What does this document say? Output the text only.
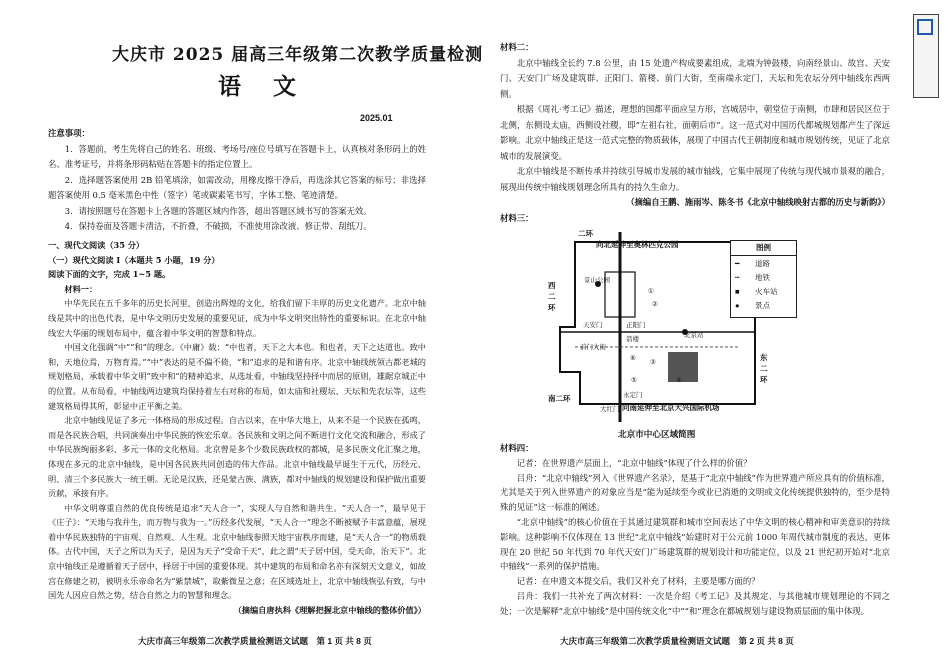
大庆市 2025 届高三年级第二次教学质量检测
语 文
2025.01

注意事项：

1．答题前，考生先将自己的姓名、班级、考场号/座位号填写在答题卡上，认真核对条形码上的姓名、准考证号，并将条形码粘贴在答题卡的指定位置上。

2．选择题答案使用 2B 铅笔填涂，如需改动，用橡皮擦干净后，再选涂其它答案的标号；非选择题答案使用 0.5 毫米黑色中性（签字）笔或碳素笔书写，字体工整、笔迹清楚。

3．请按照题号在答题卡上各题的答题区域内作答，超出答题区域书写的答案无效。

4．保持卷面及答题卡清洁，不折叠，不破损，不准使用涂改液、修正带、刮纸刀。

一、现代文阅读（35 分）

（一）现代文阅读 Ⅰ（本题共 5 小题，19 分）

阅读下面的文字，完成 1~5 题。

材料一：

中华先民在五千多年的历史长河里，创造出辉煌的文化，给我们留下丰厚的历史文化遗产。北京中轴线是其中的出色代表，是中华文明历史发展的重要见证，成为中华文明突出特性的重要标识。在北京中轴线宏大华丽的规划布局中，蕴含着中华文明的智慧和特点。

中国文化强调“中”“和”的理念。《中庸》载：“中也者，天下之大本也。和也者，天下之达道也。致中和，天地位焉，万物育焉。”“中”表达的是不偏不倚，“和”追求的是和谐有序。北京中轴线统领古都老城的规划格局，承载着中华文明“致中和”的精神追求，从选址看，中轴线坚持择中而居的原则，雄踞京城正中的位置。从布局看，中轴线两边建筑均保持着左右对称的布局，如太庙和社稷坛、天坛和先农坛等，这些建筑格局得其所，彰显中正平衡之美。

北京中轴线见证了多元一体格局的形成过程。自古以来，在中华大地上，从来不是一个民族在孤鸣，而是各民族合唱，共同演奏出中华民族的恢宏乐章。各民族和文明之间不断进行文化交流和融合，形成了中华民族绚丽多彩、多元一体的文化格局。北京曾是多个少数民族政权的都城，是多民族文化汇聚之地，体现在多元的北京中轴线，是中国各民族共同创造的伟大作品。北京中轴线最早诞生于元代，历经元、明、清三个多民族大一统王朝。无论是汉族，还是蒙古族、满族，都对中轴线的规划建设和保护做出重要贡献，承接有序。

中华文明尊重自然的优良传统是追求“天人合一”，实现人与自然和谐共生。“天人合一”，最早见于《庄子》：“天地与我并生，而万物与我为一。”历经多代发展，“天人合一”理念不断被赋予丰富意蕴，展现着中华民族独特的宇宙观、自然观、人生观。北京中轴线参照天地宇宙秩序而建，是“天人合一”的物质载体。古代中国，天子之所以为天子，是因为天子“受命于天”，此之谓“天子居中国，受天命，治天下”。北京中轴线正是遵循着天子居中，择居于中国的重要体现。其中建筑的布局和命名亦有深刻天文意义，如故宫在修建之初，被明永乐帝命名为“紫禁城”，取紫微星之意；在区域选址上，北京中轴线恢弘有致，与中国先人因应自然之势，结合自然之力的智慧和理念。

（摘编自唐执科《理解把握北京中轴线的整体价值》）

大庆市高三年级第二次教学质量检测语文试题　第 1 页 共 8 页

材料二：

北京中轴线全长约 7.8 公里，由 15 处遗产构成要素组成，北端为钟鼓楼，向南经景山、故宫、天安门、天安门广场及建筑群、正阳门、箭楼、前门大街，至南端永定门，天坛和先农坛分列中轴线东西两侧。

根据《周礼·考工记》描述，理想的国都平面应呈方形，宫城居中，朝堂位于南侧，市肆和居民区位于北侧，东侧设太庙，西侧设社稷，即“左祖右社，面朝后市”。这一范式对中国历代都城规划都产生了深远影响。北京中轴线正是这一范式完整的物质载体，展现了中国古代王朝制度和城市规划传统，见证了北京城市的发展演变。

北京中轴线是不断传承并持续引导城市发展的城市轴线，它集中展现了传统与现代城市景观的融合，展现出传统中轴线规划理念所具有的持久生命力。

（摘编自王鹏、施雨岑、陈冬书《北京中轴线映射古都的历史与新韵》）

材料三：

向北延伸至奥林匹克公园
向南延伸至北京大兴国际机场
二环
西二环
东二环
南二环
景山公园
天安门	正阳门
前门大街
箭楼
北京站
永定门
大红门
①
②
③
④
⑤
⑥
图例
━	道路
┅	地铁
■	火车站
●	景点
北京市中心区域简图

材料四：

记者：在世界遗产层面上，“北京中轴线”体现了什么样的价值？

吕舟：“北京中轴线”列入《世界遗产名录》，是基于“北京中轴线”作为世界遗产所应具有的价值标准，尤其是关于列入世界遗产的对象应当是“能为延续至今或业已消逝的文明或文化传统提供独特的，至少是特殊的见证”这一标准的阐述。

“北京中轴线”的核心价值在于其通过建筑群和城市空间表达了中华文明的核心精神和审美意识的持续影响。这种影响不仅体现在 13 世纪“北京中轴线”始建时对于公元前 1000 年周代城市制度的表达，更体现在 20 世纪 50 年代到 70 年代天安门广场建筑群的规划设计和功能定位，以及 21 世纪初开始对“北京中轴线”一系列的保护措施。

记者：在申遗文本提交后，我们又补充了材料，主要是哪方面的？

吕舟：我们一共补充了两次材料：一次是介绍《考工记》及其规定、与其他城市规划理论的不同之处；一次是解释“北京中轴线”是中国传统文化“中”“和”理念在都城规划与建设物质层面的集中体现。

大庆市高三年级第二次教学质量检测语文试题　第 2 页 共 8 页
